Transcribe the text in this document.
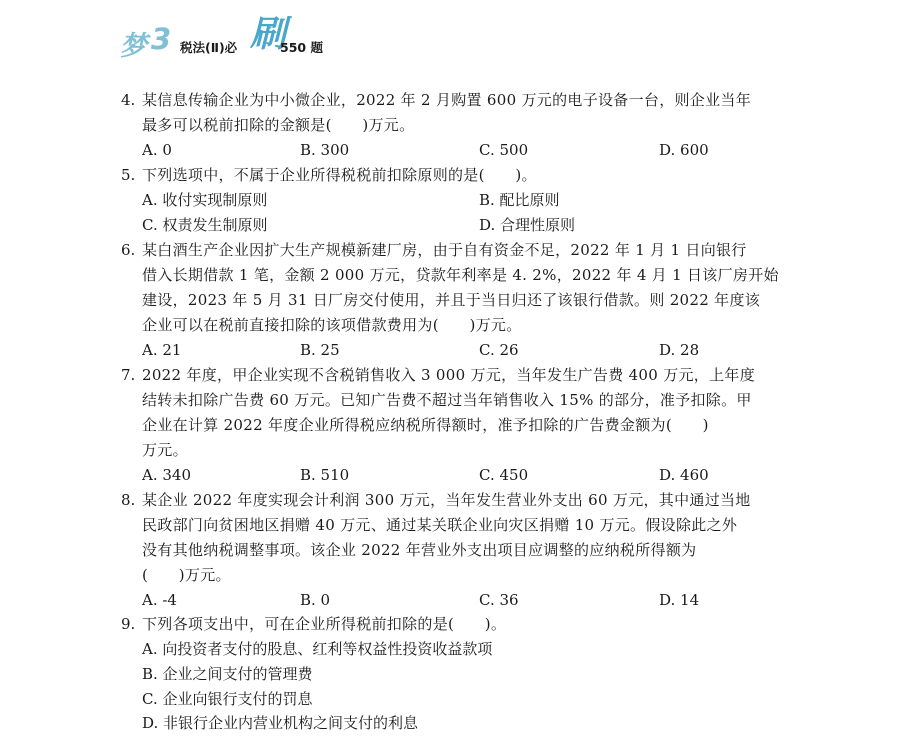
梦 3 税法(Ⅱ)必 刷
550 题
4. 某信息传输企业为中小微企业，2022 年 2 月购置 600 万元的电子设备一台，则企业当年
最多可以税前扣除的金额是(　　)万元。
A. 0	B. 300	C. 500	D. 600
5. 下列选项中，不属于企业所得税税前扣除原则的是(　　)。
A. 收付实现制原则	B. 配比原则
C. 权责发生制原则	D. 合理性原则
6. 某白酒生产企业因扩大生产规模新建厂房，由于自有资金不足，2022 年 1 月 1 日向银行
借入长期借款 1 笔，金额 2 000 万元，贷款年利率是 4. 2%，2022 年 4 月 1 日该厂房开始
建设，2023 年 5 月 31 日厂房交付使用，并且于当日归还了该银行借款。则 2022 年度该
企业可以在税前直接扣除的该项借款费用为(　　)万元。
A. 21	B. 25	C. 26	D. 28
7. 2022 年度，甲企业实现不含税销售收入 3 000 万元，当年发生广告费 400 万元，上年度
结转未扣除广告费 60 万元。已知广告费不超过当年销售收入 15% 的部分，准予扣除。甲
企业在计算 2022 年度企业所得税应纳税所得额时，准予扣除的广告费金额为(　　)
万元。
A. 340	B. 510	C. 450	D. 460
8. 某企业 2022 年度实现会计利润 300 万元，当年发生营业外支出 60 万元，其中通过当地
民政部门向贫困地区捐赠 40 万元、通过某关联企业向灾区捐赠 10 万元。假设除此之外
没有其他纳税调整事项。该企业 2022 年营业外支出项目应调整的应纳税所得额为
(　　)万元。
A. -4	B. 0	C. 36	D. 14
9. 下列各项支出中，可在企业所得税前扣除的是(　　)。
A. 向投资者支付的股息、红利等权益性投资收益款项
B. 企业之间支付的管理费
C. 企业向银行支付的罚息
D. 非银行企业内营业机构之间支付的利息
